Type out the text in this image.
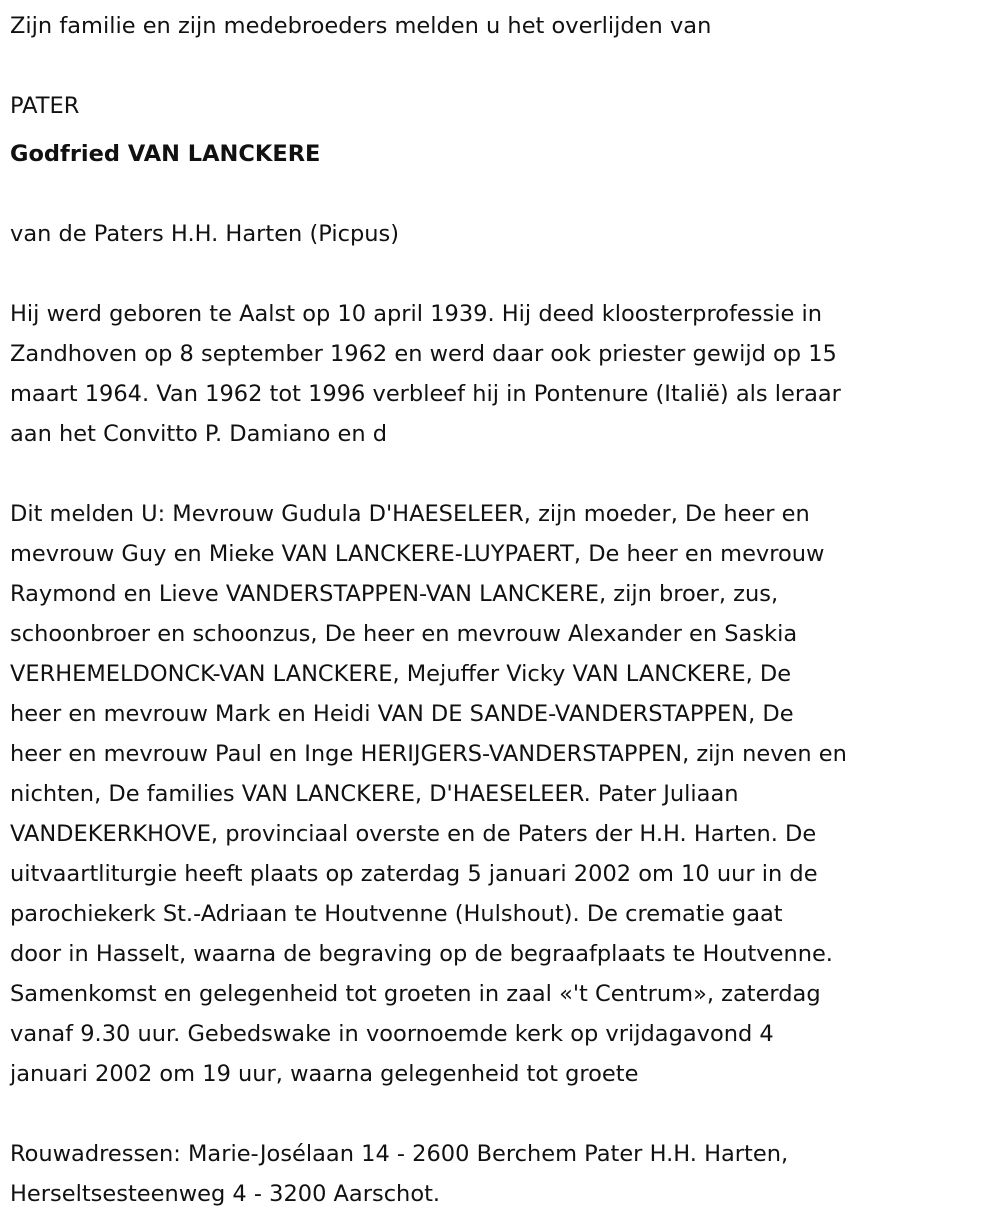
Zijn familie en zijn medebroeders melden u het overlijden van
PATER
Godfried VAN LANCKERE
van de Paters H.H. Harten (Picpus)
Hij werd geboren te Aalst op 10 april 1939. Hij deed kloosterprofessie in
Zandhoven op 8 september 1962 en werd daar ook priester gewijd op 15
maart 1964. Van 1962 tot 1996 verbleef hij in Pontenure (Italië) als leraar
aan het Convitto P. Damiano en d
Dit melden U: Mevrouw Gudula D'HAESELEER, zijn moeder, De heer en
mevrouw Guy en Mieke VAN LANCKERE-LUYPAERT, De heer en mevrouw
Raymond en Lieve VANDERSTAPPEN-VAN LANCKERE, zijn broer, zus,
schoonbroer en schoonzus, De heer en mevrouw Alexander en Saskia
VERHEMELDONCK-VAN LANCKERE, Mejuffer Vicky VAN LANCKERE, De
heer en mevrouw Mark en Heidi VAN DE SANDE-VANDERSTAPPEN, De
heer en mevrouw Paul en Inge HERIJGERS-VANDERSTAPPEN, zijn neven en
nichten, De families VAN LANCKERE, D'HAESELEER. Pater Juliaan
VANDEKERKHOVE, provinciaal overste en de Paters der H.H. Harten. De
uitvaartliturgie heeft plaats op zaterdag 5 januari 2002 om 10 uur in de
parochiekerk St.-Adriaan te Houtvenne (Hulshout). De crematie gaat
door in Hasselt, waarna de begraving op de begraafplaats te Houtvenne.
Samenkomst en gelegenheid tot groeten in zaal «'t Centrum», zaterdag
vanaf 9.30 uur. Gebedswake in voornoemde kerk op vrijdagavond 4
januari 2002 om 19 uur, waarna gelegenheid tot groete
Rouwadressen: Marie-Josélaan 14 - 2600 Berchem Pater H.H. Harten,
Herseltsesteenweg 4 - 3200 Aarschot.
